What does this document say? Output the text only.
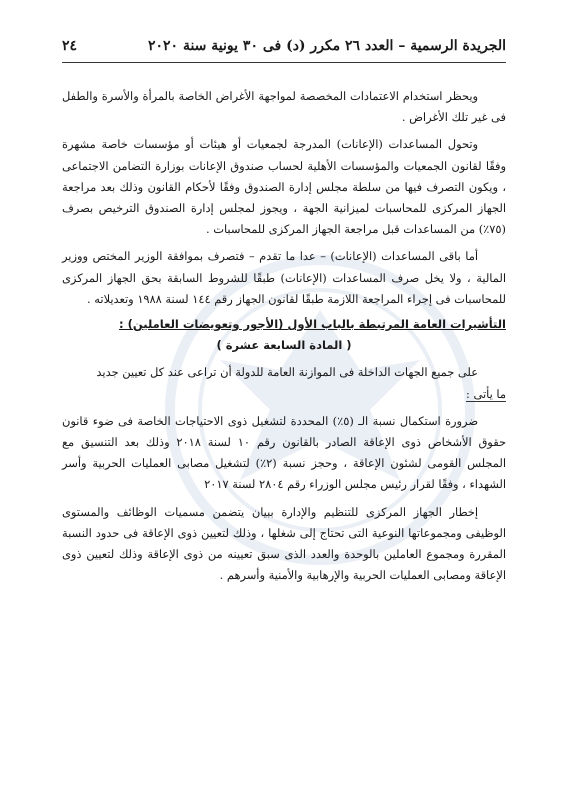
الجريدة الرسمية – العدد ٢٦ مكرر (د) فى ٣٠ يونية سنة ٢٠٢٠
٢٤

ويحظر استخدام الاعتمادات المخصصة لمواجهة الأغراض الخاصة بالمرأة والأسرة والطفل فى غير تلك الأغراض .

وتحول المساعدات (الإعانات) المدرجة لجمعيات أو هيئات أو مؤسسات خاصة مشهرة وفقًا لقانون الجمعيات والمؤسسات الأهلية لحساب صندوق الإعانات بوزارة التضامن الاجتماعى ، ويكون التصرف فيها من سلطة مجلس إدارة الصندوق وفقًا لأحكام القانون وذلك بعد مراجعة الجهاز المركزى للمحاسبات لميزانية الجهة ، ويجوز لمجلس إدارة الصندوق الترخيص بصرف (٧٥٪) من المساعدات قبل مراجعة الجهاز المركزى للمحاسبات .

أما باقى المساعدات (الإعانات) – عدا ما تقدم – فتصرف بموافقة الوزير المختص ووزير المالية ، ولا يخل صرف المساعدات (الإعانات) طبقًا للشروط السابقة بحق الجهاز المركزى للمحاسبات فى إجراء المراجعة اللازمة طبقًا لقانون الجهاز رقم ١٤٤ لسنة ١٩٨٨ وتعديلاته .

التأشيرات العامة المرتبطة بالباب الأول (الأجور وتعويضات العاملين) :
( المادة السابعة عشرة )

على جميع الجهات الداخلة فى الموازنة العامة للدولة أن تراعى عند كل تعيين جديد

ما يأتى :

ضرورة استكمال نسبة الـ (٥٪) المحددة لتشغيل ذوى الاحتياجات الخاصة فى ضوء قانون حقوق الأشخاص ذوى الإعاقة الصادر بالقانون رقم ١٠ لسنة ٢٠١٨ وذلك بعد التنسيق مع المجلس القومى لشئون الإعاقة ، وحجز نسبة (٢٪) لتشغيل مصابى العمليات الحربية وأسر الشهداء ، وفقًا لقرار رئيس مجلس الوزراء رقم ٢٨٠٤ لسنة ٢٠١٧

إخطار الجهاز المركزى للتنظيم والإدارة ببيان يتضمن مسميات الوظائف والمستوى الوظيفى ومجموعاتها النوعية التى تحتاج إلى شغلها ، وذلك لتعيين ذوى الإعاقة فى حدود النسبة المقررة ومجموع العاملين بالوحدة والعدد الذى سبق تعيينه من ذوى الإعاقة وذلك لتعيين ذوى الإعاقة ومصابى العمليات الحربية والإرهابية والأمنية وأسرهم .
